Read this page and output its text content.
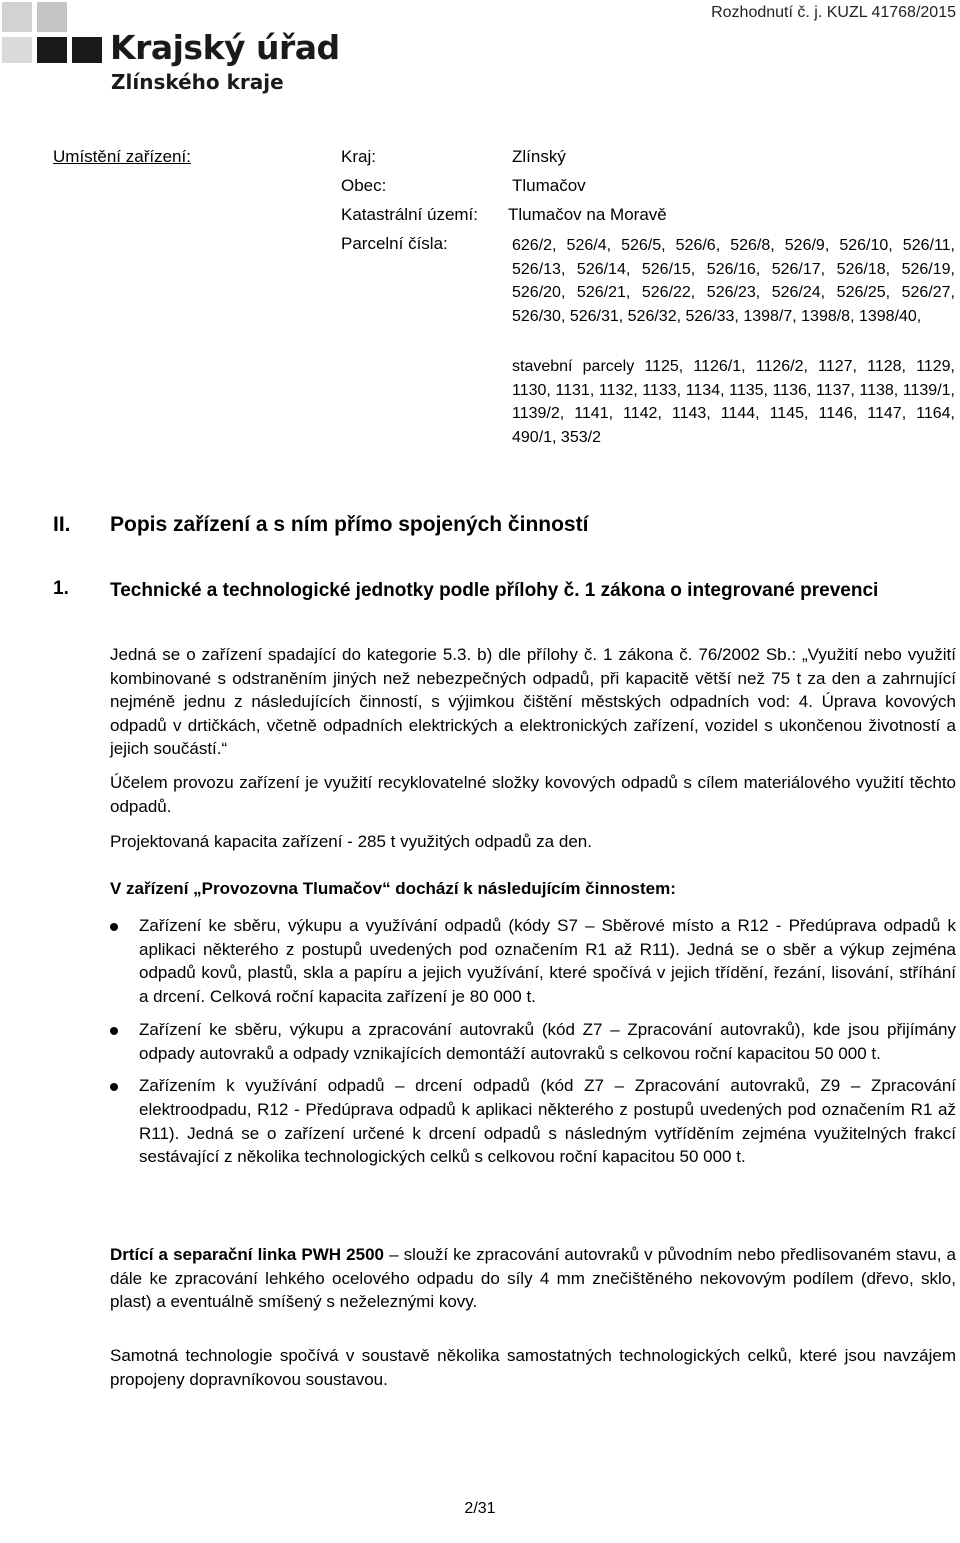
Krajský úřad
Zlínského kraje
Rozhodnutí č. j. KUZL 41768/2015
Umístění zařízení:	Kraj:	Zlínský
Obec:	Tlumačov
Katastrální území: Tlumačov na Moravě
Parcelní čísla:	626/2, 526/4, 526/5, 526/6, 526/8, 526/9, 526/10, 526/11, 526/13, 526/14, 526/15, 526/16, 526/17, 526/18, 526/19, 526/20, 526/21, 526/22, 526/23, 526/24, 526/25, 526/27, 526/30, 526/31, 526/32, 526/33, 1398/7, 1398/8, 1398/40,
stavební parcely 1125, 1126/1, 1126/2, 1127, 1128, 1129, 1130, 1131, 1132, 1133, 1134, 1135, 1136, 1137, 1138, 1139/1, 1139/2, 1141, 1142, 1143, 1144, 1145, 1146, 1147, 1164, 490/1, 353/2
II. Popis zařízení a s ním přímo spojených činností
1. Technické a technologické jednotky podle přílohy č. 1 zákona o integrované prevenci
Jedná se o zařízení spadající do kategorie 5.3. b) dle přílohy č. 1 zákona č. 76/2002 Sb.: „Využití nebo využití kombinované s odstraněním jiných než nebezpečných odpadů, při kapacitě větší než 75 t za den a zahrnující nejméně jednu z následujících činností, s výjimkou čištění městských odpadních vod: 4. Úprava kovových odpadů v drtičkách, včetně odpadních elektrických a elektronických zařízení, vozidel s ukončenou životností a jejich součástí.“
Účelem provozu zařízení je využití recyklovatelné složky kovových odpadů s cílem materiálového využití těchto odpadů.
Projektovaná kapacita zařízení - 285 t využitých odpadů za den.
V zařízení „Provozovna Tlumačov“ dochází k následujícím činnostem:
Zařízení ke sběru, výkupu a využívání odpadů (kódy S7 – Sběrové místo a R12 - Předúprava odpadů k aplikaci některého z postupů uvedených pod označením R1 až R11). Jedná se o sběr a výkup zejména odpadů kovů, plastů, skla a papíru a jejich využívání, které spočívá v jejich třídění, řezání, lisování, stříhání a drcení. Celková roční kapacita zařízení je 80 000 t.
Zařízení ke sběru, výkupu a zpracování autovraků (kód Z7 – Zpracování autovraků), kde jsou přijímány odpady autovraků a odpady vznikajících demontáží autovraků s celkovou roční kapacitou 50 000 t.
Zařízením k využívání odpadů – drcení odpadů (kód Z7 – Zpracování autovraků, Z9 – Zpracování elektroodpadu, R12 - Předúprava odpadů k aplikaci některého z postupů uvedených pod označením R1 až R11). Jedná se o zařízení určené k drcení odpadů s následným vytříděním zejména využitelných frakcí sestávající z několika technologických celků s celkovou roční kapacitou 50 000 t.
Drtící a separační linka PWH 2500 – slouží ke zpracování autovraků v původním nebo předlisovaném stavu, a dále ke zpracování lehkého ocelového odpadu do síly 4 mm znečištěného nekovovým podílem (dřevo, sklo, plast) a eventuálně smíšený s neželeznými kovy.
Samotná technologie spočívá v soustavě několika samostatných technologických celků, které jsou navzájem propojeny dopravníkovou soustavou.
2/31
